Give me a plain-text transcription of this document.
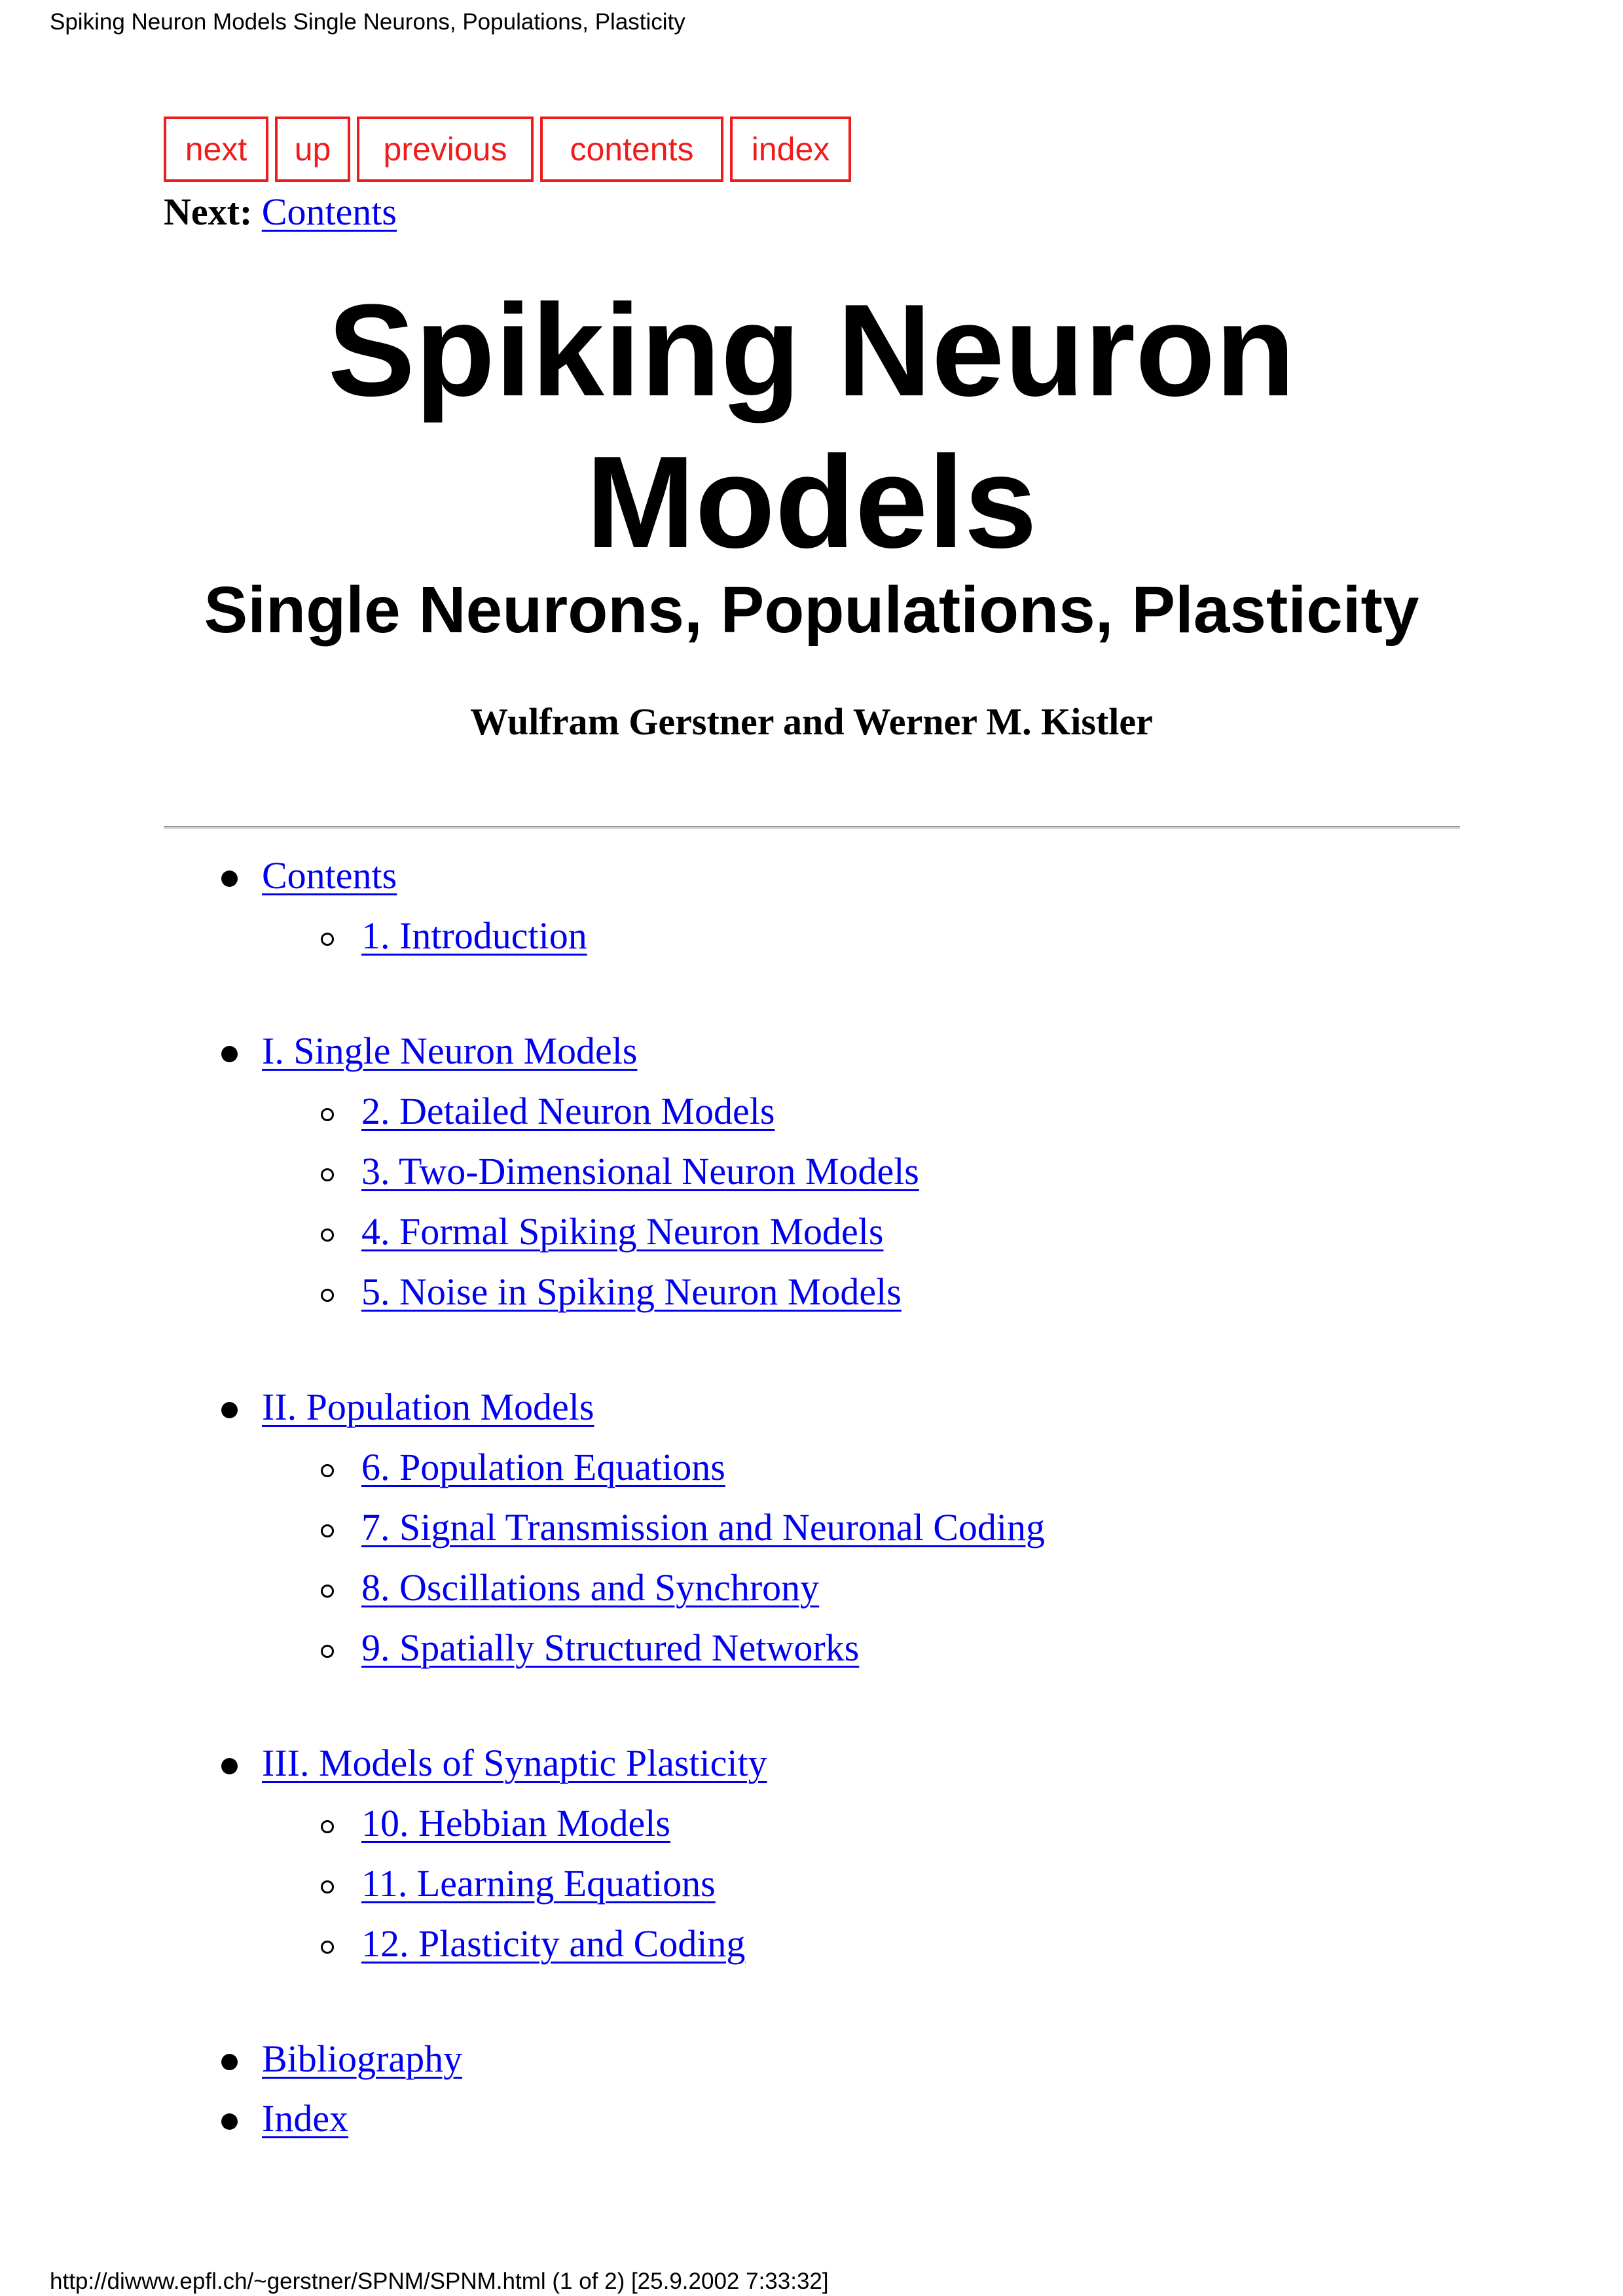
Spiking Neuron Models Single Neurons, Populations, Plasticity
next up previous contents index
Next: Contents
Spiking Neuron
Models
Single Neurons, Populations, Plasticity

Wulfram Gerstner and Werner M. Kistler

Contents
1. Introduction
I. Single Neuron Models
2. Detailed Neuron Models
3. Two-Dimensional Neuron Models
4. Formal Spiking Neuron Models
5. Noise in Spiking Neuron Models
II. Population Models
6. Population Equations
7. Signal Transmission and Neuronal Coding
8. Oscillations and Synchrony
9. Spatially Structured Networks
III. Models of Synaptic Plasticity
10. Hebbian Models
11. Learning Equations
12. Plasticity and Coding
Bibliography
Index
http://diwww.epfl.ch/~gerstner/SPNM/SPNM.html (1 of 2) [25.9.2002 7:33:32]
